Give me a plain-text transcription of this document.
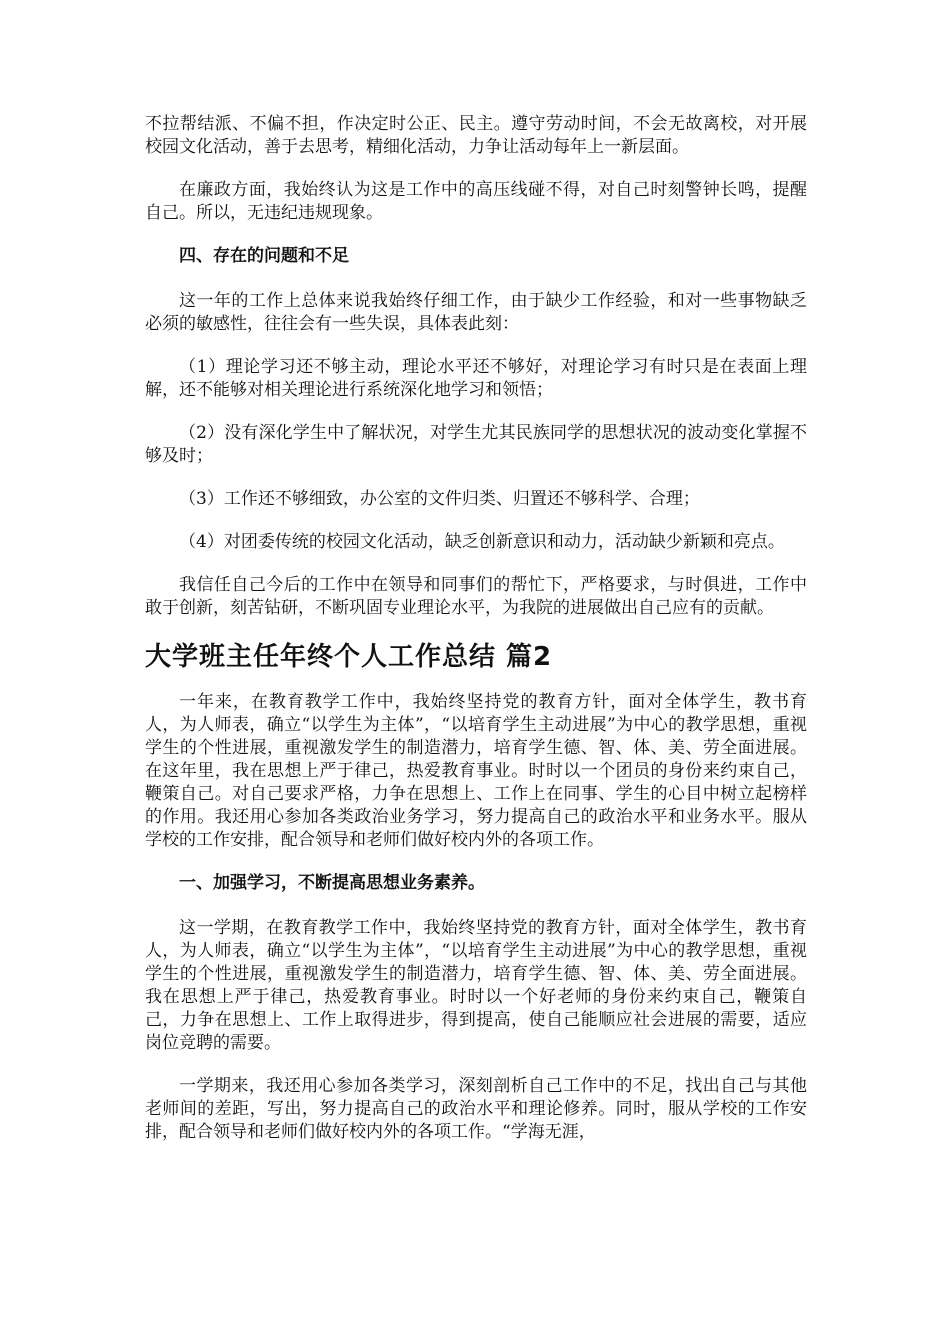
不拉帮结派、不偏不担，作决定时公正、民主。遵守劳动时间，不会无故离校，对开展校园文化活动，善于去思考，精细化活动，力争让活动每年上一新层面。

在廉政方面，我始终认为这是工作中的高压线碰不得，对自己时刻警钟长鸣，提醒自己。所以，无违纪违规现象。

四、存在的问题和不足

这一年的工作上总体来说我始终仔细工作，由于缺少工作经验，和对一些事物缺乏必须的敏感性，往往会有一些失误，具体表此刻：

（1）理论学习还不够主动，理论水平还不够好，对理论学习有时只是在表面上理解，还不能够对相关理论进行系统深化地学习和领悟；

（2）没有深化学生中了解状况，对学生尤其民族同学的思想状况的波动变化掌握不够及时；

（3）工作还不够细致，办公室的文件归类、归置还不够科学、合理；

（4）对团委传统的校园文化活动，缺乏创新意识和动力，活动缺少新颖和亮点。

我信任自己今后的工作中在领导和同事们的帮忙下，严格要求，与时俱进，工作中敢于创新，刻苦钻研，不断巩固专业理论水平，为我院的进展做出自己应有的贡献。

大学班主任年终个人工作总结 篇2

一年来，在教育教学工作中，我始终坚持党的教育方针，面对全体学生，教书育人，为人师表，确立“以学生为主体”，“以培育学生主动进展”为中心的教学思想，重视学生的个性进展，重视激发学生的制造潜力，培育学生德、智、体、美、劳全面进展。在这年里，我在思想上严于律己，热爱教育事业。时时以一个团员的身份来约束自己，鞭策自己。对自己要求严格，力争在思想上、工作上在同事、学生的心目中树立起榜样的作用。我还用心参加各类政治业务学习，努力提高自己的政治水平和业务水平。服从学校的工作安排，配合领导和老师们做好校内外的各项工作。

一、加强学习，不断提高思想业务素养。

这一学期，在教育教学工作中，我始终坚持党的教育方针，面对全体学生，教书育人，为人师表，确立“以学生为主体”，“以培育学生主动进展”为中心的教学思想，重视学生的个性进展，重视激发学生的制造潜力，培育学生德、智、体、美、劳全面进展。我在思想上严于律己，热爱教育事业。时时以一个好老师的身份来约束自己，鞭策自己，力争在思想上、工作上取得进步，得到提高，使自己能顺应社会进展的需要，适应岗位竞聘的需要。

一学期来，我还用心参加各类学习，深刻剖析自己工作中的不足，找出自己与其他老师间的差距，写出，努力提高自己的政治水平和理论修养。同时，服从学校的工作安排，配合领导和老师们做好校内外的各项工作。“学海无涯，
